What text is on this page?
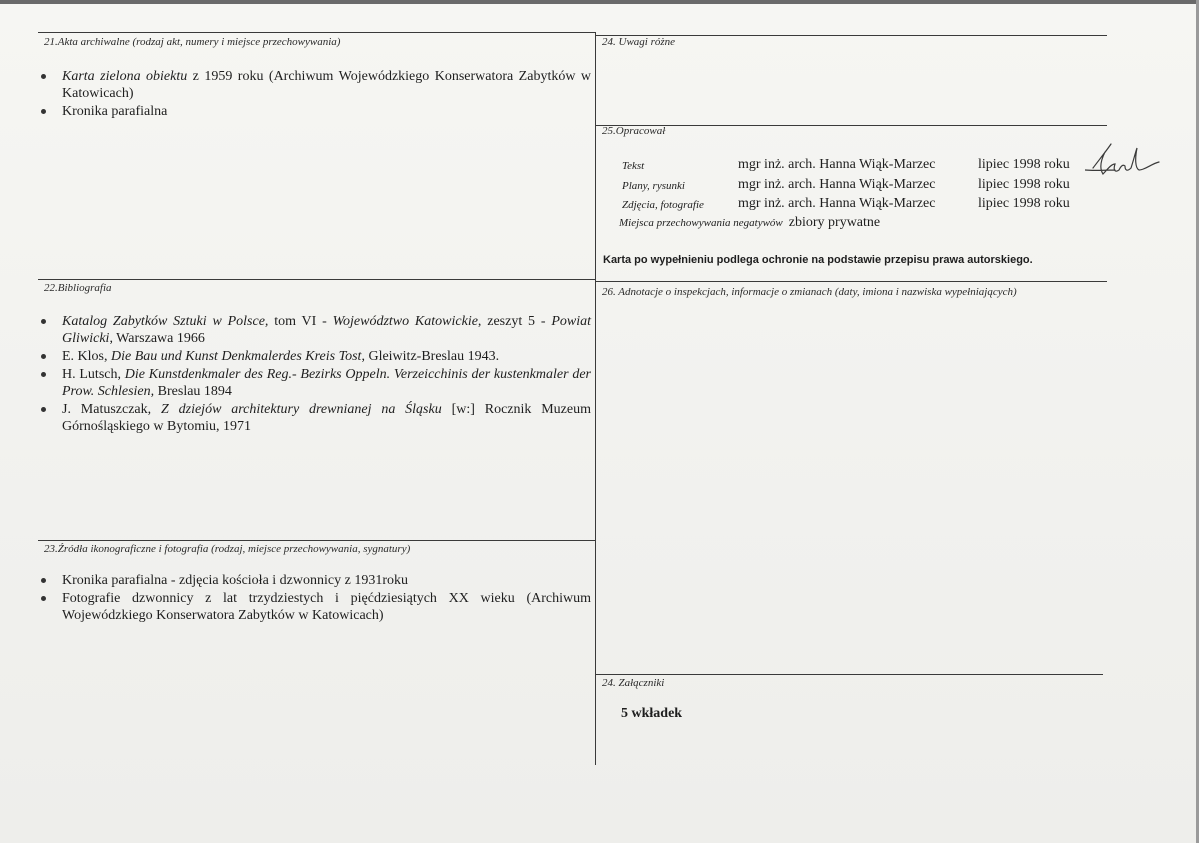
21.Akta archiwalne (rodzaj akt, numery i miejsce przechowywania)
Karta zielona obiektu z 1959 roku (Archiwum Wojewódzkiego Konserwatora Zabytków w Katowicach)
Kronika parafialna
24. Uwagi różne
25.Opracował
Tekst	mgr inż. arch. Hanna Wiąk-Marzec	lipiec 1998 roku
Plany, rysunki	mgr inż. arch. Hanna Wiąk-Marzec	lipiec 1998 roku
Zdjęcia, fotografie mgr inż. arch. Hanna Wiąk-Marzec	lipiec 1998 roku
Miejsca przechowywania negatywów zbiory prywatne
Karta po wypełnieniu podlega ochronie na podstawie przepisu prawa autorskiego.
22.Bibliografia
Katalog Zabytków Sztuki w Polsce, tom VI - Województwo Katowickie, zeszyt 5 - Powiat Gliwicki, Warszawa 1966
E. Klos, Die Bau und Kunst Denkmalerdes Kreis Tost, Gleiwitz-Breslau 1943.
H. Lutsch, Die Kunstdenkmaler des Reg.- Bezirks Oppeln. Verzeicchinis der kustenkmaler der Prow. Schlesien, Breslau 1894
J. Matuszczak, Z dziejów architektury drewnianej na Śląsku [w:] Rocznik Muzeum Górnośląskiego w Bytomiu, 1971
26. Adnotacje o inspekcjach, informacje o zmianach (daty, imiona i nazwiska wypełniających)
23.Źródła ikonograficzne i fotografia (rodzaj, miejsce przechowywania, sygnatury)
Kronika parafialna - zdjęcia kościoła i dzwonnicy z 1931roku
Fotografie dzwonnicy z lat trzydziestych i pięćdziesiątych XX wieku (Archiwum Wojewódzkiego Konserwatora Zabytków w Katowicach)
24. Załączniki
5 wkładek
